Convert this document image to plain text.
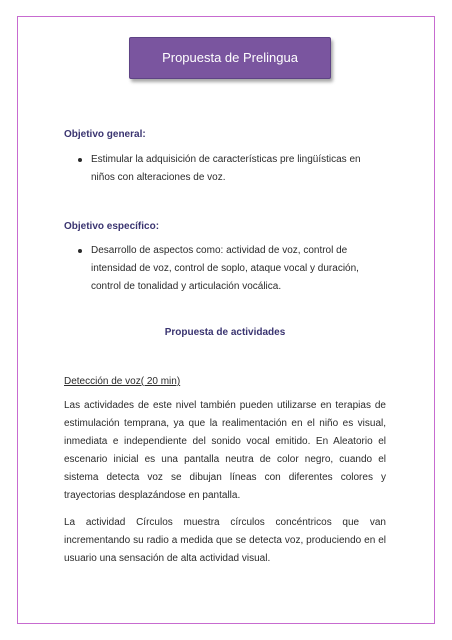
Propuesta de Prelingua
Objetivo general:
Estimular la adquisición de características pre lingüísticas en niños con alteraciones de voz.
Objetivo específico:
Desarrollo de aspectos como: actividad de voz, control de intensidad de voz, control de soplo, ataque vocal y duración, control de tonalidad y articulación vocálica.
Propuesta de actividades
Detección de voz( 20 min)

Las actividades de este nivel también pueden utilizarse en terapias de estimulación temprana, ya que la realimentación en el niño es visual, inmediata e independiente del sonido vocal emitido. En Aleatorio el escenario inicial es una pantalla neutra de color negro, cuando el sistema detecta voz se dibujan líneas con diferentes colores y trayectorias desplazándose en pantalla.

La actividad Círculos muestra círculos concéntricos que van incrementando su radio a medida que se detecta voz, produciendo en el usuario una sensación de alta actividad visual.
